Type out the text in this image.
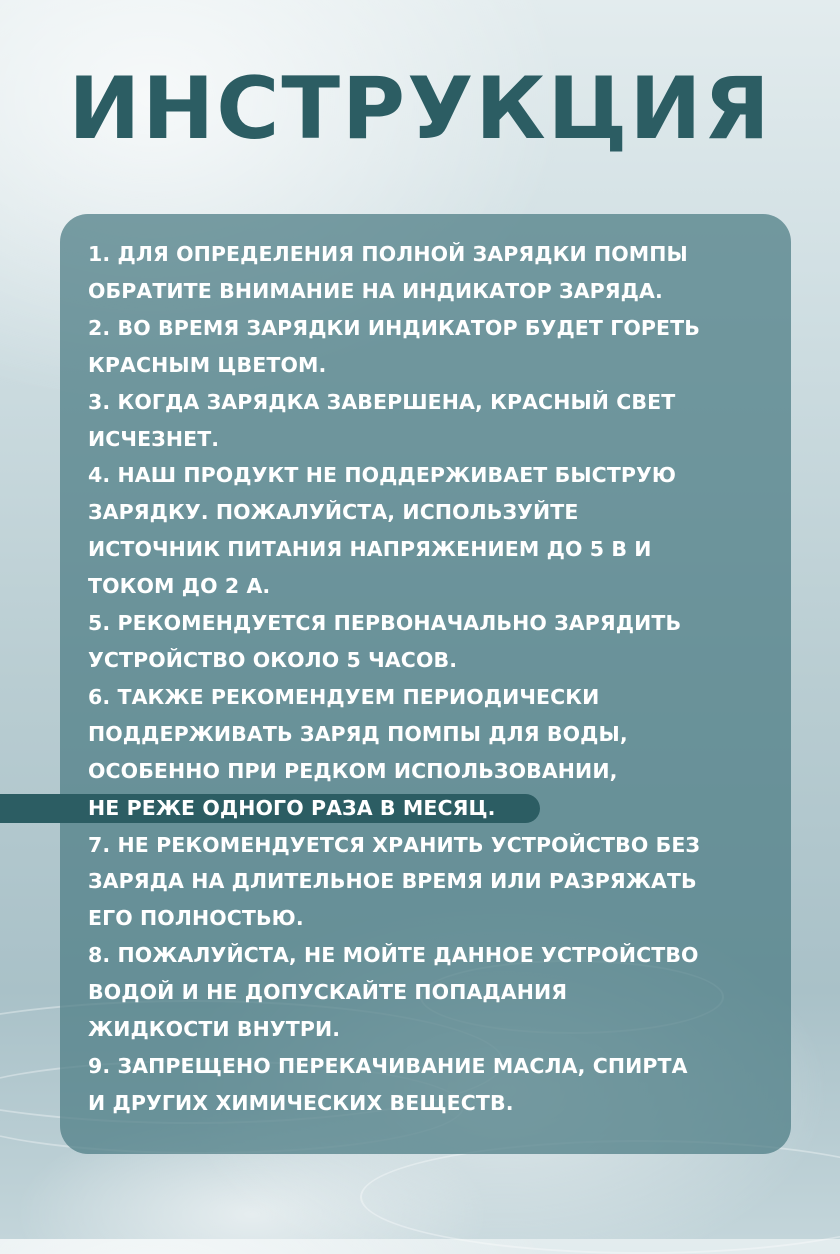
ИНСТРУКЦИЯ
1. ДЛЯ ОПРЕДЕЛЕНИЯ ПОЛНОЙ ЗАРЯДКИ ПОМПЫ
ОБРАТИТЕ ВНИМАНИЕ НА ИНДИКАТОР ЗАРЯДА.
2. ВО ВРЕМЯ ЗАРЯДКИ ИНДИКАТОР БУДЕТ ГОРЕТЬ
КРАСНЫМ ЦВЕТОМ.
3. КОГДА ЗАРЯДКА ЗАВЕРШЕНА, КРАСНЫЙ СВЕТ
ИСЧЕЗНЕТ.
4. НАШ ПРОДУКТ НЕ ПОДДЕРЖИВАЕТ БЫСТРУЮ
ЗАРЯДКУ. ПОЖАЛУЙСТА, ИСПОЛЬЗУЙТЕ
ИСТОЧНИК ПИТАНИЯ НАПРЯЖЕНИЕМ ДО 5 В И
ТОКОМ ДО 2 А.
5. РЕКОМЕНДУЕТСЯ ПЕРВОНАЧАЛЬНО ЗАРЯДИТЬ
УСТРОЙСТВО ОКОЛО 5 ЧАСОВ.
6. ТАКЖЕ РЕКОМЕНДУЕМ ПЕРИОДИЧЕСКИ
ПОДДЕРЖИВАТЬ ЗАРЯД ПОМПЫ ДЛЯ ВОДЫ,
ОСОБЕННО ПРИ РЕДКОМ ИСПОЛЬЗОВАНИИ,
НЕ РЕЖЕ ОДНОГО РАЗА В МЕСЯЦ.
7. НЕ РЕКОМЕНДУЕТСЯ ХРАНИТЬ УСТРОЙСТВО БЕЗ
ЗАРЯДА НА ДЛИТЕЛЬНОЕ ВРЕМЯ ИЛИ РАЗРЯЖАТЬ
ЕГО ПОЛНОСТЬЮ.
8. ПОЖАЛУЙСТА, НЕ МОЙТЕ ДАННОЕ УСТРОЙСТВО
ВОДОЙ И НЕ ДОПУСКАЙТЕ ПОПАДАНИЯ
ЖИДКОСТИ ВНУТРИ.
9. ЗАПРЕЩЕНО ПЕРЕКАЧИВАНИЕ МАСЛА, СПИРТА
И ДРУГИХ ХИМИЧЕСКИХ ВЕЩЕСТВ.
